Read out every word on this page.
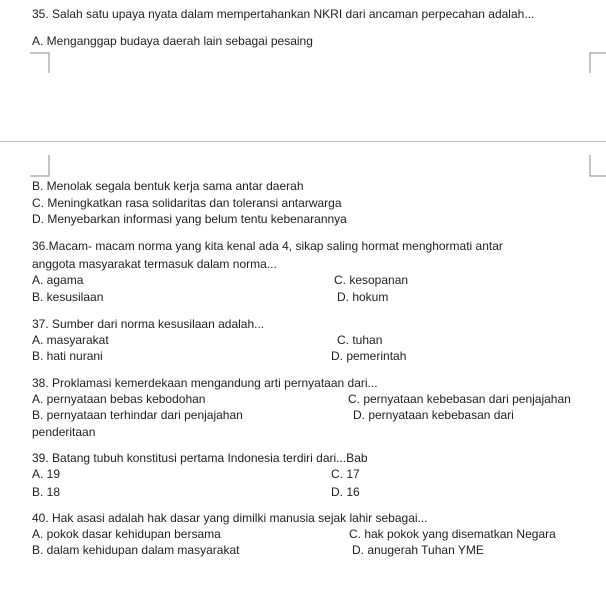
35. Salah satu upaya nyata dalam mempertahankan NKRI dari ancaman perpecahan adalah...
A. Menganggap budaya daerah lain sebagai pesaing
B. Menolak segala bentuk kerja sama antar daerah
C. Meningkatkan rasa solidaritas dan toleransi antarwarga
D. Menyebarkan informasi yang belum tentu kebenarannya
36.Macam- macam norma yang kita kenal ada 4, sikap saling hormat menghormati antar
anggota masyarakat termasuk dalam norma...
A. agama	C. kesopanan
B. kesusilaan	D. hokum
37. Sumber dari norma kesusilaan adalah...
A. masyarakat	C. tuhan
B. hati nurani	D. pemerintah
38. Proklamasi kemerdekaan mengandung arti pernyataan dari...
A. pernyataan bebas kebodohan	C. pernyataan kebebasan dari penjajahan
B. pernyataan terhindar dari penjajahan	D. pernyataan kebebasan dari
penderitaan
39. Batang tubuh konstitusi pertama Indonesia terdiri dari...Bab
A. 19	C. 17
B. 18	D. 16
40. Hak asasi adalah hak dasar yang dimilki manusia sejak lahir sebagai...
A. pokok dasar kehidupan bersama	C. hak pokok yang disematkan Negara
B. dalam kehidupan dalam masyarakat	D. anugerah Tuhan YME
